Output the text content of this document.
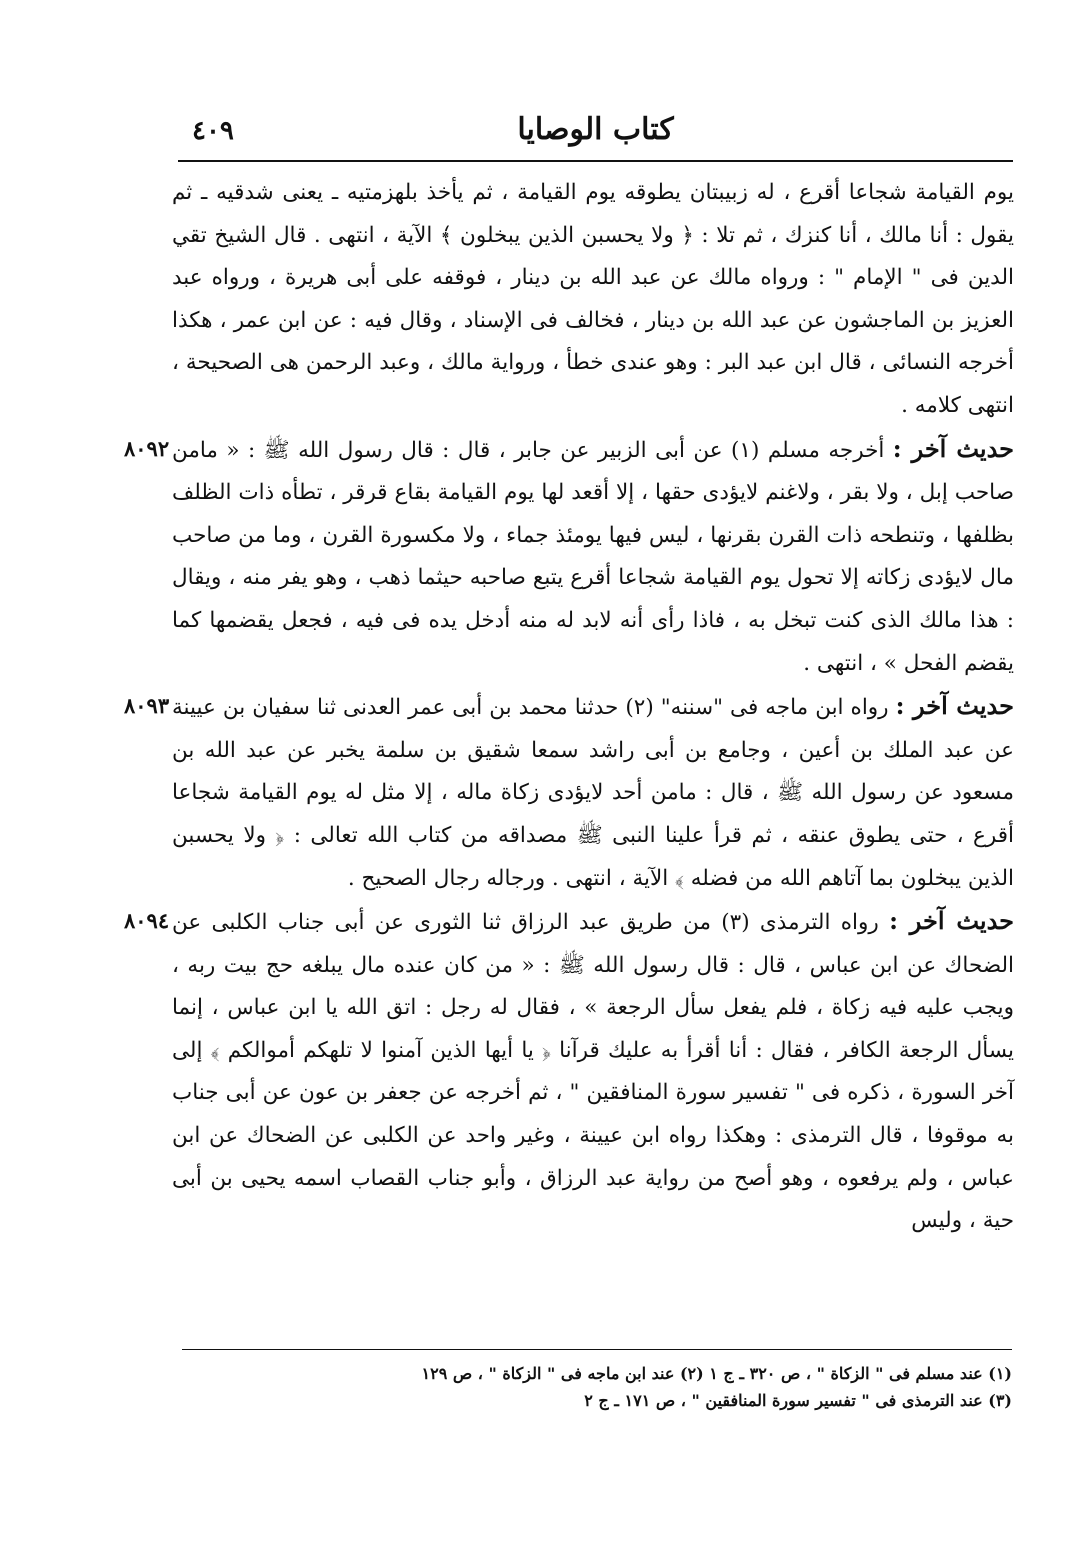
كتاب الوصايا
٤٠٩

يوم القيامة شجاعا أقرع ، له زبيبتان يطوقه يوم القيامة ، ثم يأخذ بلهزمتيه ـ يعنى شدقيه ـ ثم يقول : أنا مالك ، أنا كنزك ، ثم تلا : ﴿ ولا يحسبن الذين يبخلون ﴾ الآية ، انتهى . قال الشيخ تقي الدين فى " الإمام " : ورواه مالك عن عبد الله بن دينار ، فوقفه على أبى هريرة ، ورواه عبد العزيز بن الماجشون عن عبد الله بن دينار ، فخالف فى الإسناد ، وقال فيه : عن ابن عمر ، هكذا أخرجه النسائى ، قال ابن عبد البر : وهو عندى خطأ ، ورواية مالك ، وعبد الرحمن هى الصحيحة ، انتهى كلامه .

٨٠٩٢	حديث آخر : أخرجه مسلم (١) عن أبى الزبير عن جابر ، قال : قال رسول الله ﷺ : « مامن صاحب إبل ، ولا بقر ، ولاغنم لايؤدى حقها ، إلا أقعد لها يوم القيامة بقاع قرقر ، تطأه ذات الظلف بظلفها ، وتنطحه ذات القرن بقرنها ، ليس فيها يومئذ جماء ، ولا مكسورة القرن ، وما من صاحب مال لايؤدى زكاته إلا تحول يوم القيامة شجاعا أقرع يتبع صاحبه حيثما ذهب ، وهو يفر منه ، ويقال : هذا مالك الذى كنت تبخل به ، فاذا رأى أنه لابد له منه أدخل يده فى فيه ، فجعل يقضمها كما يقضم الفحل » ، انتهى .

٨٠٩٣	حديث آخر : رواه ابن ماجه فى "سننه" (٢) حدثنا محمد بن أبى عمر العدنى ثنا سفيان بن عيينة عن عبد الملك بن أعين ، وجامع بن أبى راشد سمعا شقيق بن سلمة يخبر عن عبد الله بن مسعود عن رسول الله ﷺ ، قال : مامن أحد لايؤدى زكاة ماله ، إلا مثل له يوم القيامة شجاعا أقرع ، حتى يطوق عنقه ، ثم قرأ علينا النبى ﷺ مصداقه من كتاب الله تعالى : ﴿ ولا يحسبن الذين يبخلون بما آتاهم الله من فضله ﴾ الآية ، انتهى . ورجاله رجال الصحيح .

٨٠٩٤	حديث آخر : رواه الترمذى (٣) من طريق عبد الرزاق ثنا الثورى عن أبى جناب الكلبى عن الضحاك عن ابن عباس ، قال : قال رسول الله ﷺ : « من كان عنده مال يبلغه حج بيت ربه ، ويجب عليه فيه زكاة ، فلم يفعل سأل الرجعة » ، فقال له رجل : اتق الله يا ابن عباس ، إنما يسأل الرجعة الكافر ، فقال : أنا أقرأ به عليك قرآنا ﴿ يا أيها الذين آمنوا لا تلهكم أموالكم ﴾ إلى آخر السورة ، ذكره فى " تفسير سورة المنافقين " ، ثم أخرجه عن جعفر بن عون عن أبى جناب به موقوفا ، قال الترمذى : وهكذا رواه ابن عيينة ، وغير واحد عن الكلبى عن الضحاك عن ابن عباس ، ولم يرفعوه ، وهو أصح من رواية عبد الرزاق ، وأبو جناب القصاب اسمه يحيى بن أبى حية ، وليس

(١) عند مسلم فى " الزكاة " ، ص ٣٢٠ ـ ج ١ (٢) عند ابن ماجه فى " الزكاة " ، ص ١٢٩
(٣) عند الترمذى فى " تفسير سورة المنافقين " ، ص ١٧١ ـ ج ٢
